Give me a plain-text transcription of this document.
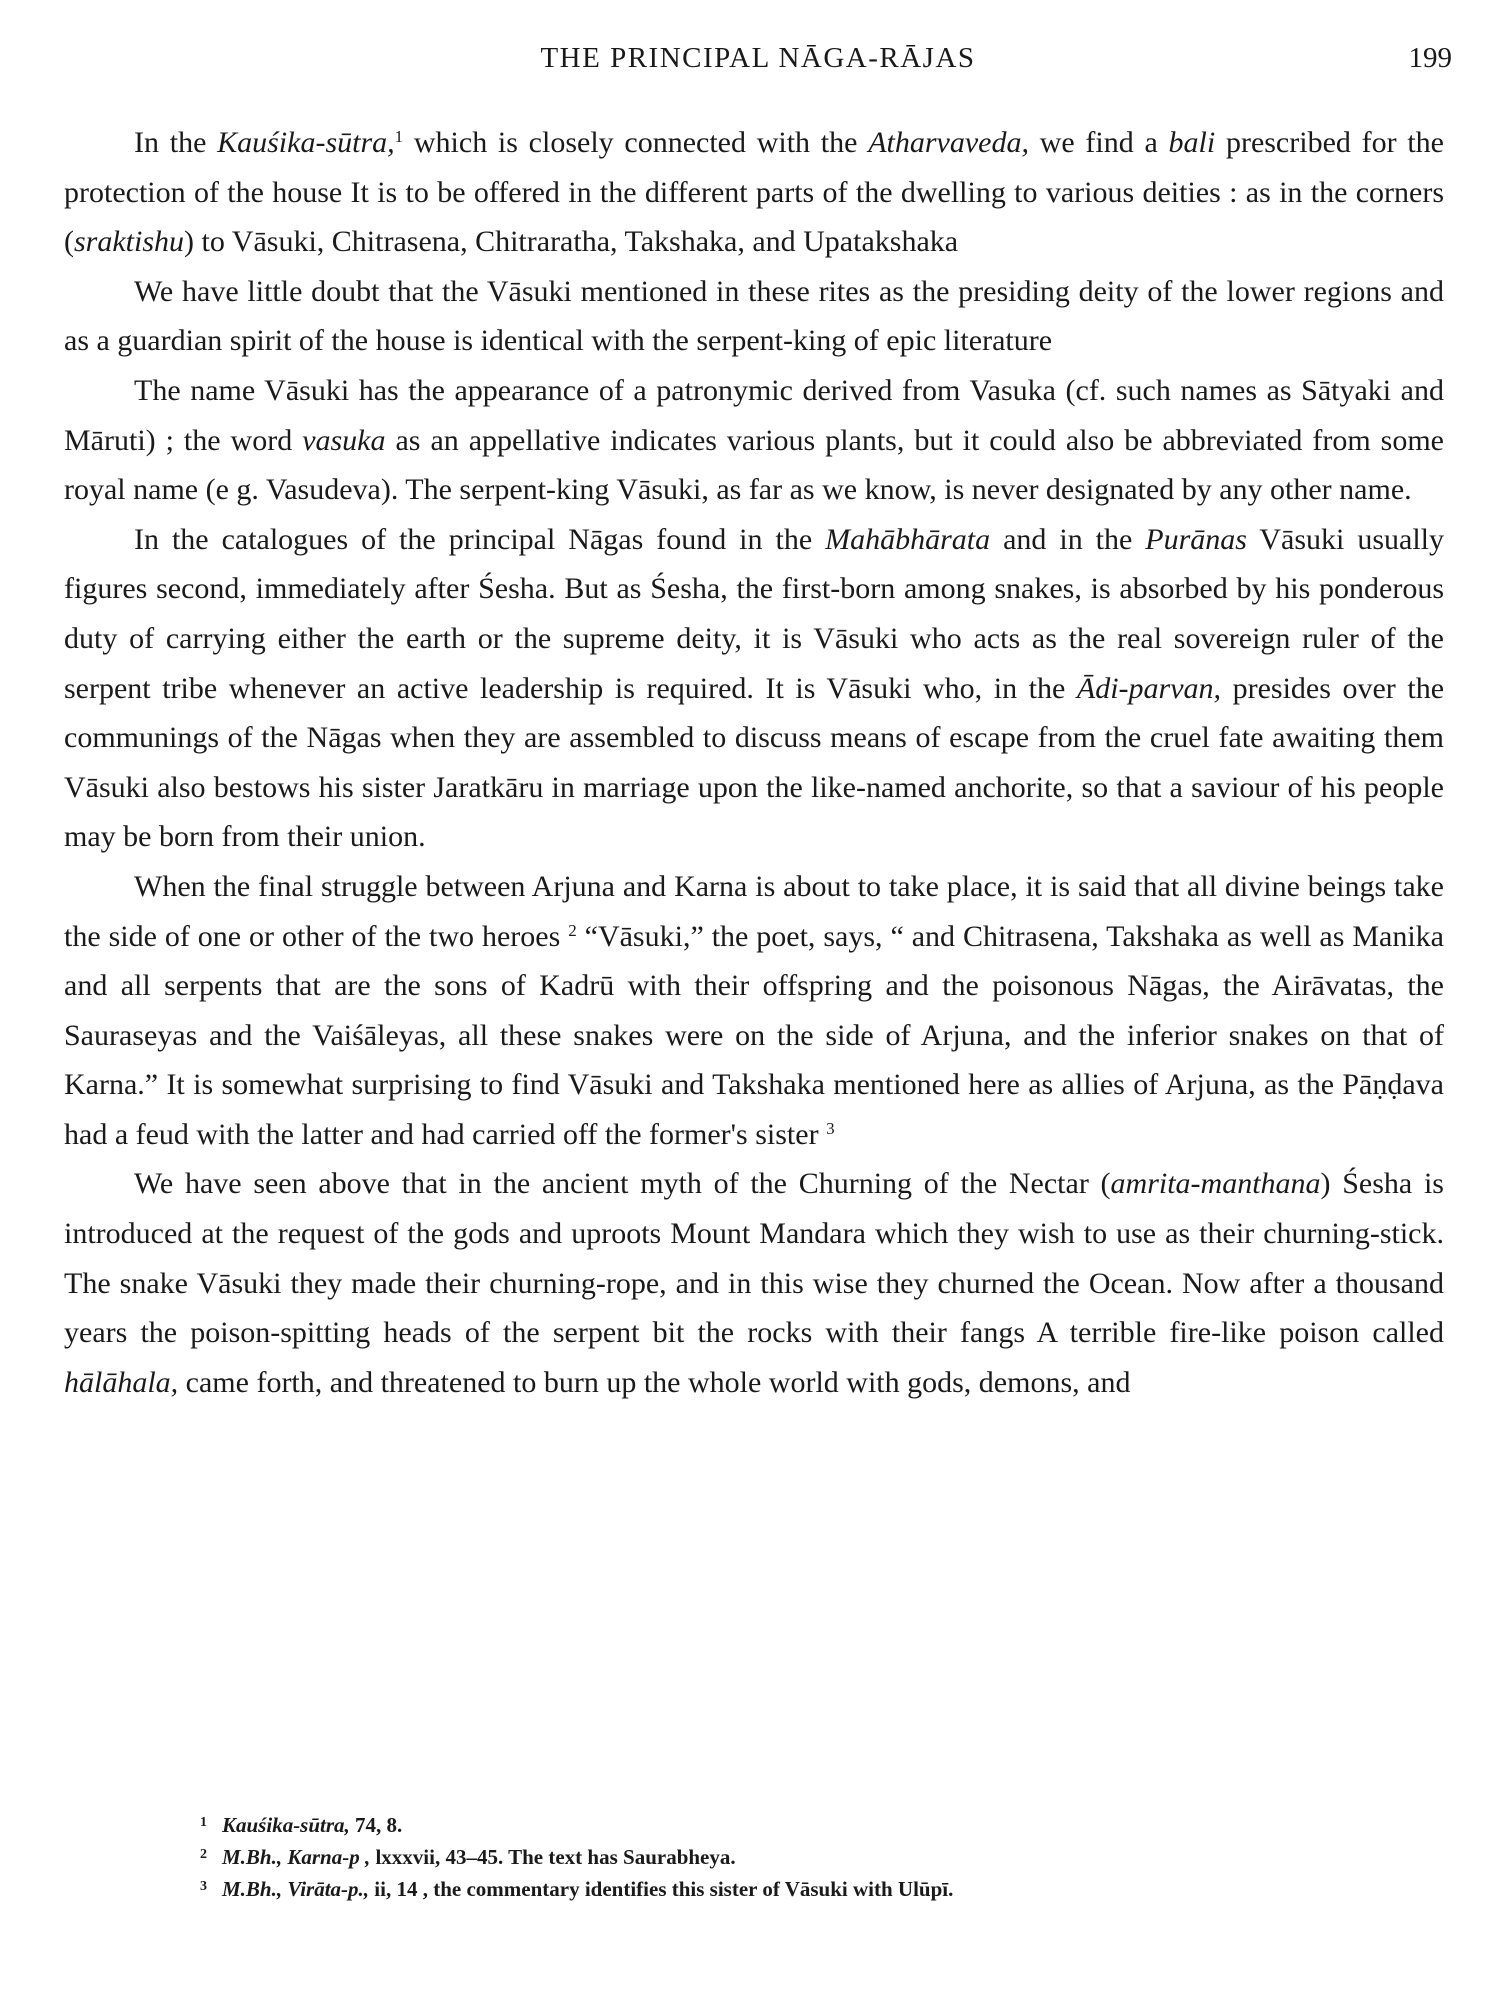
THE PRINCIPAL NĀGA-RĀJAS	199

In the Kauśika-sūtra,$^1$ which is closely connected with the Atharvaveda, we find a bali prescribed for the protection of the house It is to be offered in the different parts of the dwelling to various deities : as in the corners (sraktishu) to Vāsuki, Chitrasena, Chitraratha, Takshaka, and Upatakshaka

We have little doubt that the Vāsuki mentioned in these rites as the presiding deity of the lower regions and as a guardian spirit of the house is identical with the serpent-king of epic literature

The name Vāsuki has the appearance of a patronymic derived from Vasuka (cf. such names as Sātyaki and Māruti) ; the word vasuka as an appellative indicates various plants, but it could also be abbreviated from some royal name (e g. Vasudeva). The serpent-king Vāsuki, as far as we know, is never designated by any other name.

In the catalogues of the principal Nāgas found in the Mahābhārata and in the Purānas Vāsuki usually figures second, immediately after Śesha. But as Śesha, the first-born among snakes, is absorbed by his ponderous duty of carrying either the earth or the supreme deity, it is Vāsuki who acts as the real sovereign ruler of the serpent tribe whenever an active leadership is required. It is Vāsuki who, in the Ādi-parvan, presides over the communings of the Nāgas when they are assembled to discuss means of escape from the cruel fate awaiting them Vāsuki also bestows his sister Jaratkāru in marriage upon the like-named anchorite, so that a saviour of his people may be born from their union.

When the final struggle between Arjuna and Karna is about to take place, it is said that all divine beings take the side of one or other of the two heroes $^2$ “Vāsuki,” the poet, says, “ and Chitrasena, Takshaka as well as Manika and all serpents that are the sons of Kadrū with their offspring and the poisonous Nāgas, the Airāvatas, the Sauraseyas and the Vaiśāleyas, all these snakes were on the side of Arjuna, and the inferior snakes on that of Karna.” It is somewhat surprising to find Vāsuki and Takshaka mentioned here as allies of Arjuna, as the Pāṇḍava had a feud with the latter and had carried off the former's sister $^3$

We have seen above that in the ancient myth of the Churning of the Nectar (amrita-manthana) Śesha is introduced at the request of the gods and uproots Mount Mandara which they wish to use as their churning-stick. The snake Vāsuki they made their churning-rope, and in this wise they churned the Ocean. Now after a thousand years the poison-spitting heads of the serpent bit the rocks with their fangs A terrible fire-like poison called hālāhala, came forth, and threatened to burn up the whole world with gods, demons, and

1 Kauśika-sūtra, 74, 8.

2 M.Bh., Karna-p , lxxxvii, 43–45. The text has Saurabheya.

3 M.Bh., Virāta-p., ii, 14 , the commentary identifies this sister of Vāsuki with Ulūpī.
